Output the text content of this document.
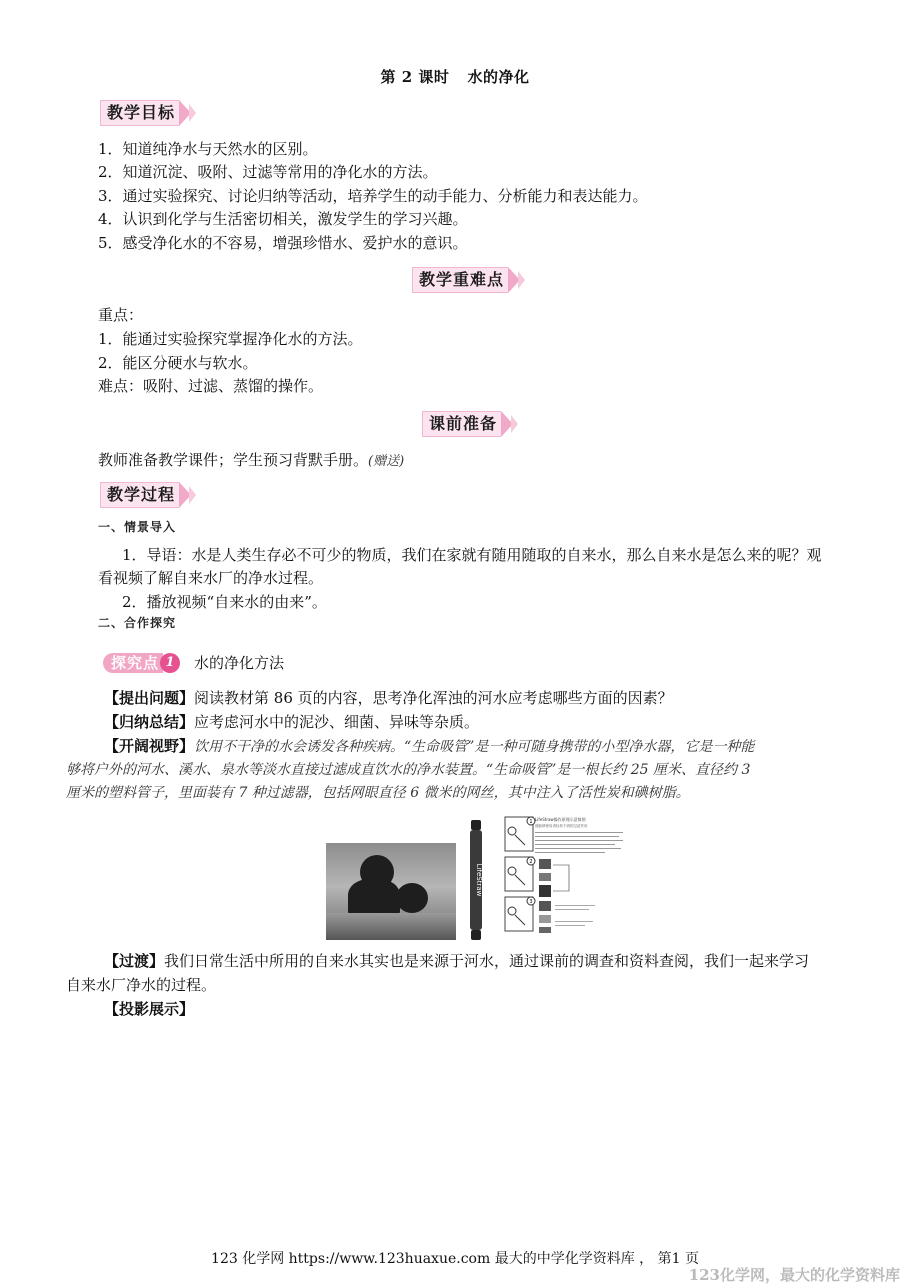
第 2 课时 水的净化
教学目标
1．知道纯净水与天然水的区别。
2．知道沉淀、吸附、过滤等常用的净化水的方法。
3．通过实验探究、讨论归纳等活动，培养学生的动手能力、分析能力和表达能力。
4．认识到化学与生活密切相关，激发学生的学习兴趣。
5．感受净化水的不容易，增强珍惜水、爱护水的意识。
教学重难点
重点：
1．能通过实验探究掌握净化水的方法。
2．能区分硬水与软水。
难点：吸附、过滤、蒸馏的操作。
课前准备
教师准备教学课件；学生预习背默手册。(赠送)
教学过程
一、情景导入
1．导语：水是人类生存必不可少的物质，我们在家就有随用随取的自来水，那么自来水是怎么来的呢？观
看视频了解自来水厂的净水过程。
2．播放视频“自来水的由来”。
二、合作探究
探究点 1	水的净化方法
【提出问题】阅读教材第 86 页的内容，思考净化浑浊的河水应考虑哪些方面的因素？
【归纳总结】应考虑河水中的泥沙、细菌、异味等杂质。
【开阔视野】饮用不干净的水会诱发各种疾病。“生命吸管”是一种可随身携带的小型净水器，它是一种能
够将户外的河水、溪水、泉水等淡水直接过滤成直饮水的净水装置。“生命吸管”是一根长约 25 厘米、直径约 3
厘米的塑料管子，里面装有 7 种过滤器，包括网眼直径 6 微米的网丝，其中注入了活性炭和碘树脂。
LifeStraw
1
2
3
LifeStraw操作原理示意简图
便能够使用者轻松不到的过滤作用
【过渡】我们日常生活中所用的自来水其实也是来源于河水，通过课前的调查和资料查阅，我们一起来学习
自来水厂净水的过程。
【投影展示】
123 化学网 https://www.123huaxue.com 最大的中学化学资料库 ， 第1 页
123化学网，最大的化学资料库
